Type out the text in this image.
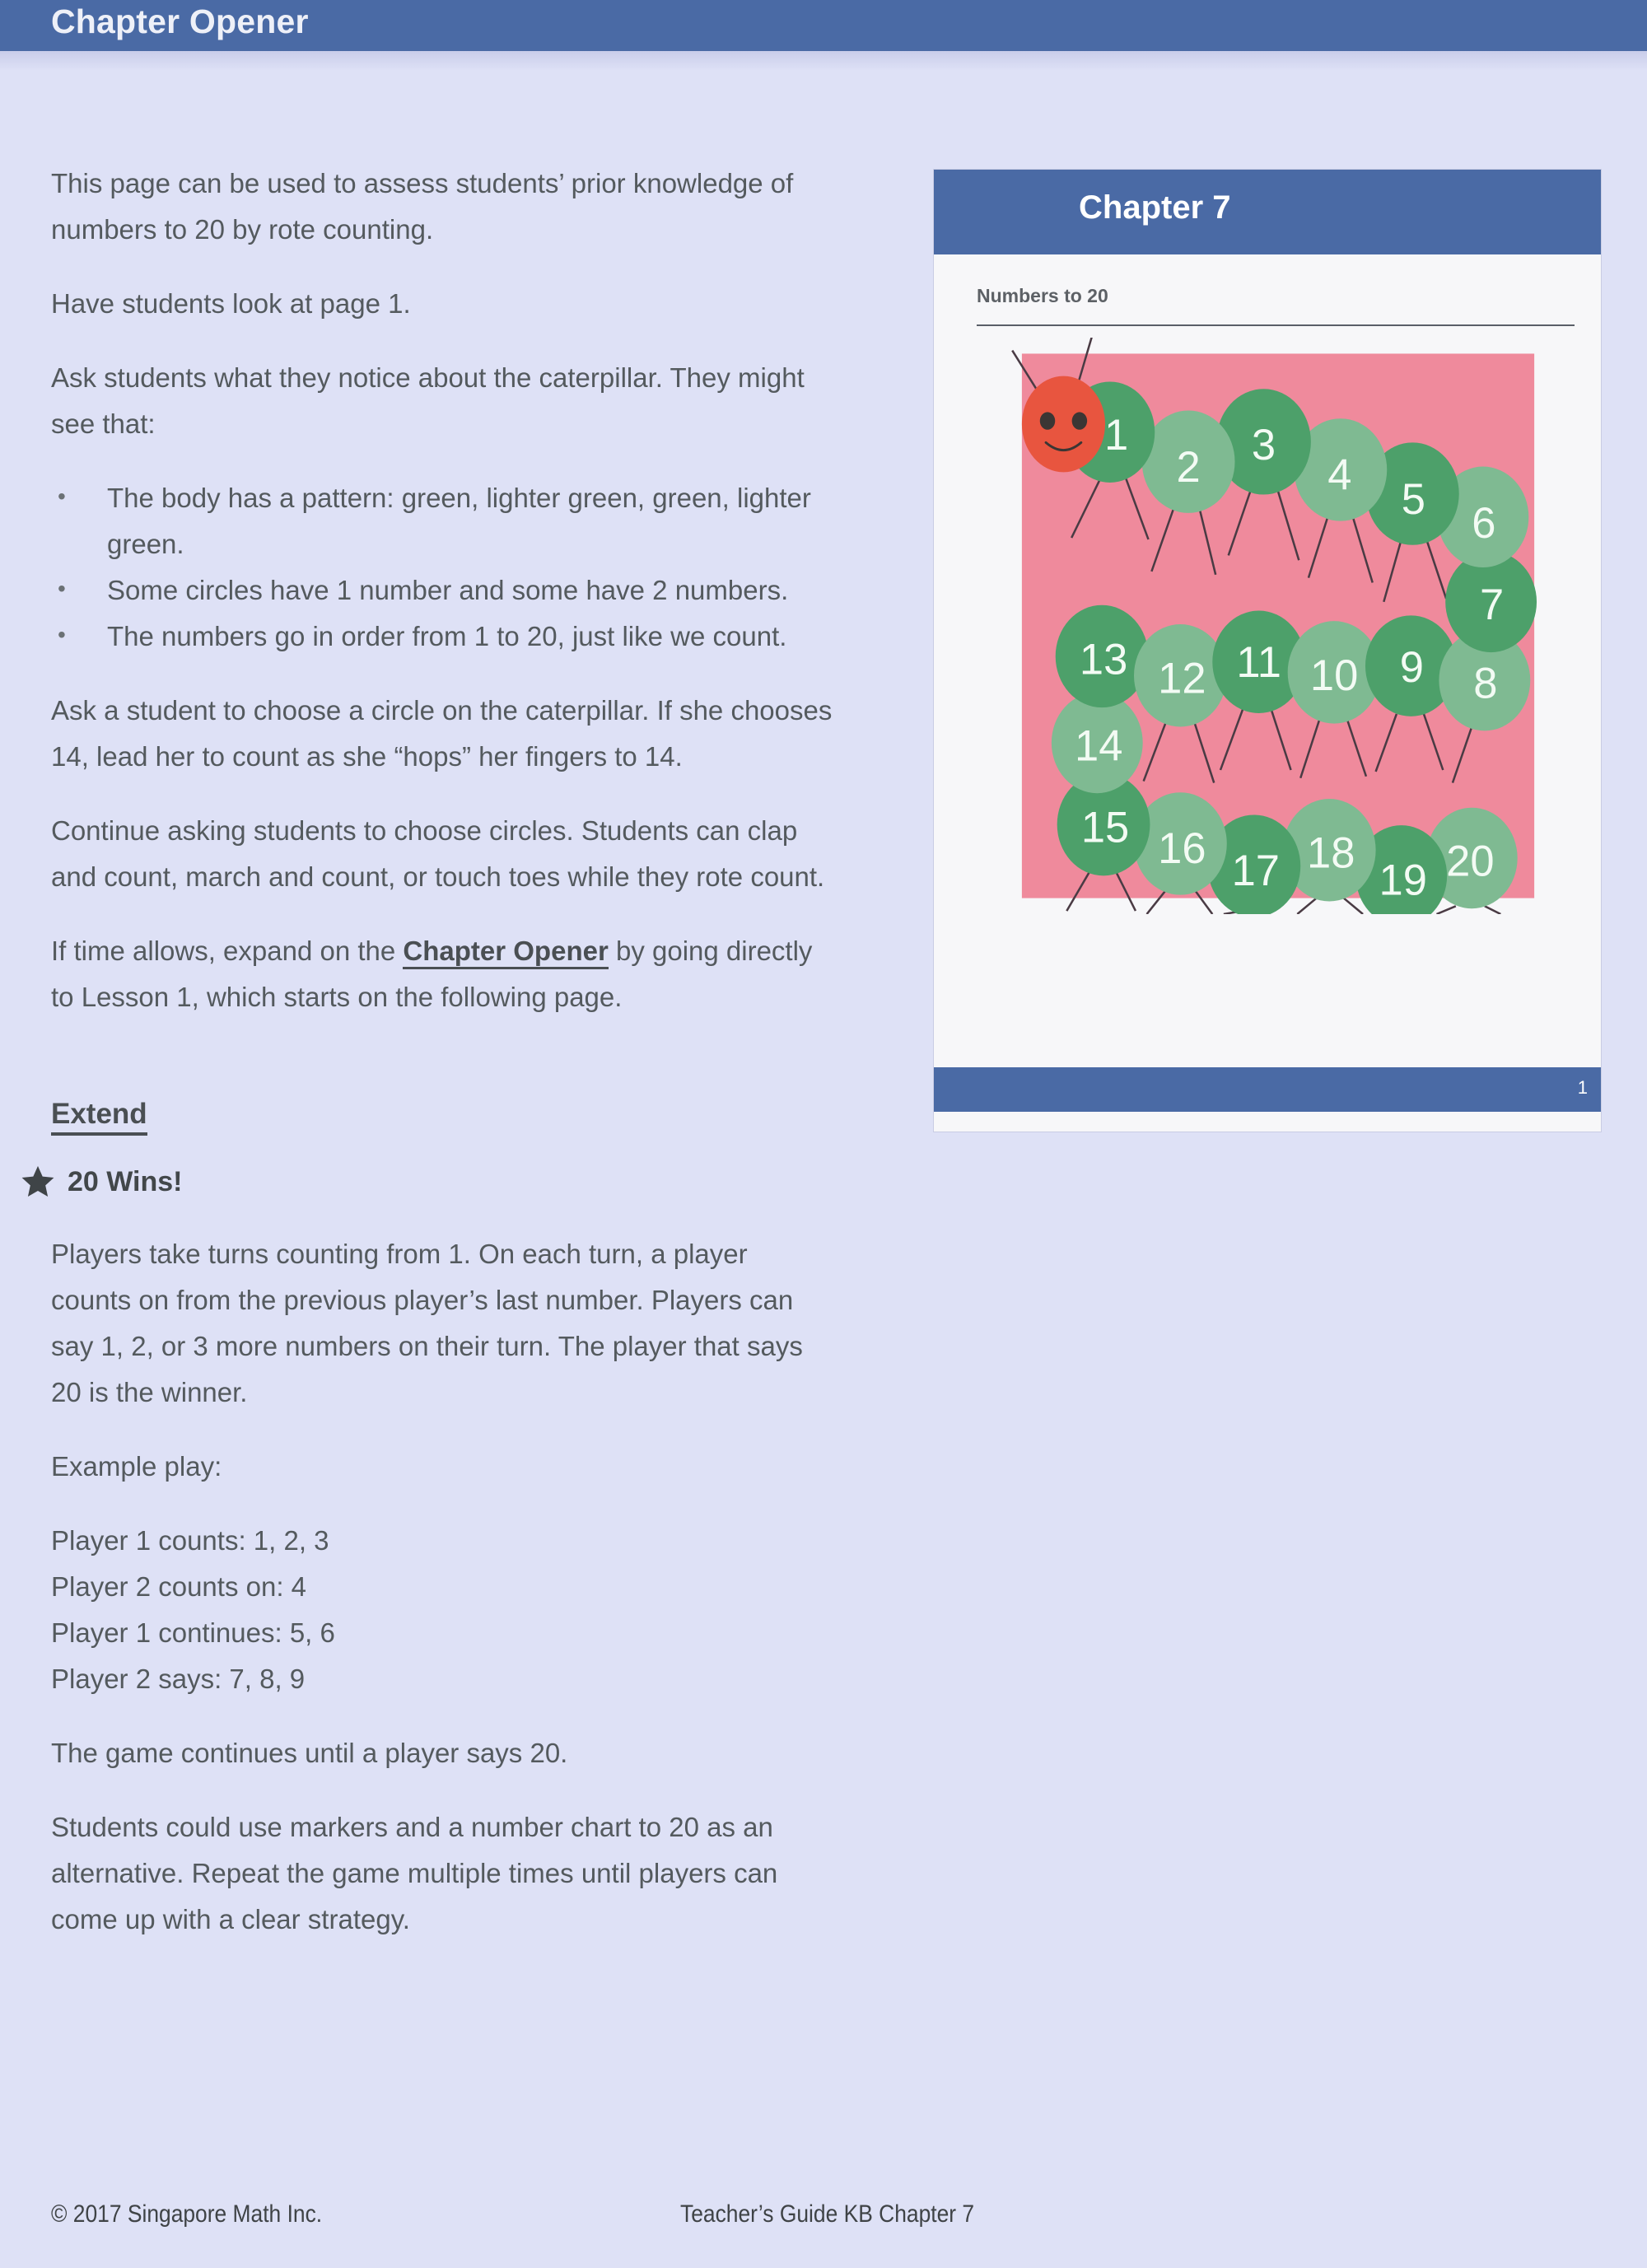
Chapter Opener

This page can be used to assess students’ prior knowledge of numbers to 20 by rote counting.

Have students look at page 1.

Ask students what they notice about the caterpillar. They might see that:

• The body has a pattern: green, lighter green, green, lighter green.
• Some circles have 1 number and some have 2 numbers.
• The numbers go in order from 1 to 20, just like we count.

Ask a student to choose a circle on the caterpillar. If she chooses 14, lead her to count as she “hops” her fingers to 14.

Continue asking students to choose circles. Students can clap and count, march and count, or touch toes while they rote count.

If time allows, expand on the Chapter Opener by going directly to Lesson 1, which starts on the following page.

Extend
20 Wins!

Players take turns counting from 1. On each turn, a player counts on from the previous player’s last number. Players can say 1, 2, or 3 more numbers on their turn. The player that says 20 is the winner.

Example play:

Player 1 counts: 1, 2, 3
Player 2 counts on: 4
Player 1 continues: 5, 6
Player 2 says: 7, 8, 9

The game continues until a player says 20.

Students could use markers and a number chart to 20 as an alternative. Repeat the game multiple times until players can come up with a clear strategy.

Chapter 7
Numbers to 20
1
2 3
4 5 6
7
8
9
10
11
12
13
14
15 16 17 18
19 20
1
© 2017 Singapore Math Inc.	Teacher’s Guide KB Chapter 7
